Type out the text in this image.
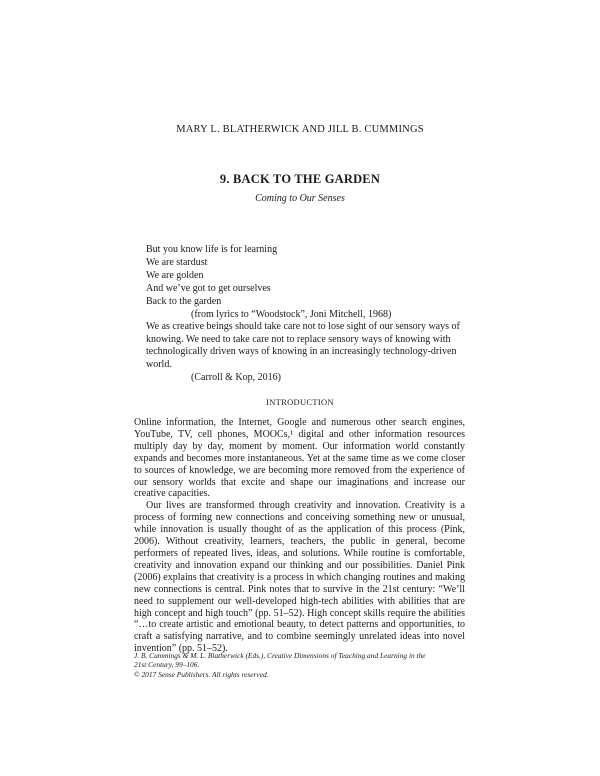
MARY L. BLATHERWICK AND JILL B. CUMMINGS
9. BACK TO THE GARDEN
Coming to Our Senses
But you know life is for learning
We are stardust
We are golden
And we’ve got to get ourselves
Back to the garden
(from lyrics to “Woodstock”, Joni Mitchell, 1968)
We as creative beings should take care not to lose sight of our sensory ways of knowing. We need to take care not to replace sensory ways of knowing with technologically driven ways of knowing in an increasingly technology-driven world.
(Carroll & Kop, 2016)
INTRODUCTION

Online information, the Internet, Google and numerous other search engines, YouTube, TV, cell phones, MOOCs,¹ digital and other information resources multiply day by day, moment by moment. Our information world constantly expands and becomes more instantaneous. Yet at the same time as we come closer to sources of knowledge, we are becoming more removed from the experience of our sensory worlds that excite and shape our imaginations and increase our creative capacities.

Our lives are transformed through creativity and innovation. Creativity is a process of forming new connections and conceiving something new or unusual, while innovation is usually thought of as the application of this process (Pink, 2006). Without creativity, learners, teachers, the public in general, become performers of repeated lives, ideas, and solutions. While routine is comfortable, creativity and innovation expand our thinking and our possibilities. Daniel Pink (2006) explains that creativity is a process in which changing routines and making new connections is central. Pink notes that to survive in the 21st century: “We’ll need to supplement our well-developed high-tech abilities with abilities that are high concept and high touch” (pp. 51–52). High concept skills require the abilities “…to create artistic and emotional beauty, to detect patterns and opportunities, to craft a satisfying narrative, and to combine seemingly unrelated ideas into novel invention” (pp. 51–52).

J. B. Cummings & M. L. Blatherwick (Eds.), Creative Dimensions of Teaching and Learning in the
21st Century, 99–106.
© 2017 Sense Publishers. All rights reserved.
